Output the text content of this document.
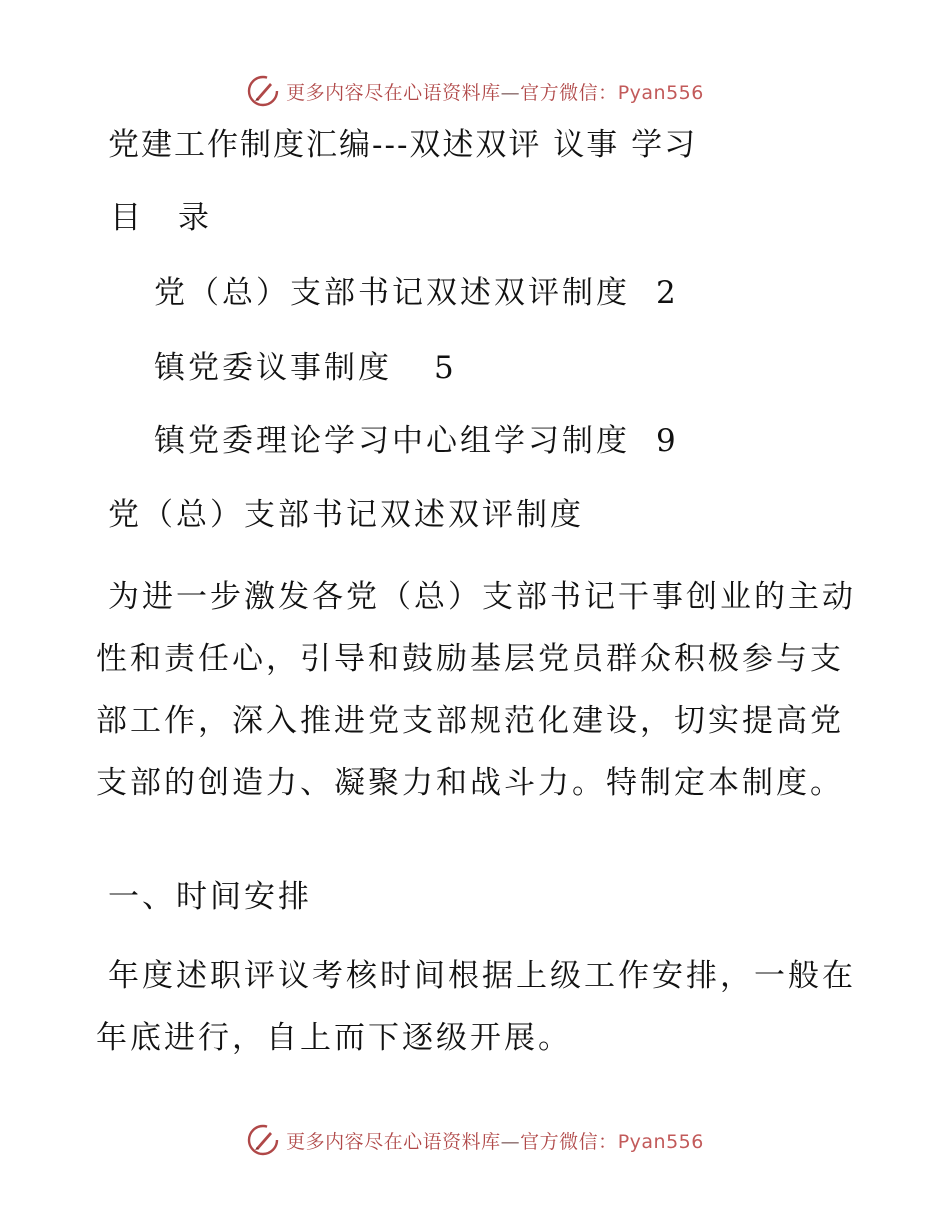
更多内容尽在心语资料库—官方微信：Pyan556
党建工作制度汇编---双述双评 议事 学习
目　录
党（总）支部书记双述双评制度 2
镇党委议事制度 5
镇党委理论学习中心组学习制度 9
党（总）支部书记双述双评制度

为进一步激发各党（总）支部书记干事创业的主动性和责任心，引导和鼓励基层党员群众积极参与支部工作，深入推进党支部规范化建设，切实提高党支部的创造力、凝聚力和战斗力。特制定本制度。

一、时间安排

年度述职评议考核时间根据上级工作安排，一般在年底进行，自上而下逐级开展。

更多内容尽在心语资料库—官方微信：Pyan556
